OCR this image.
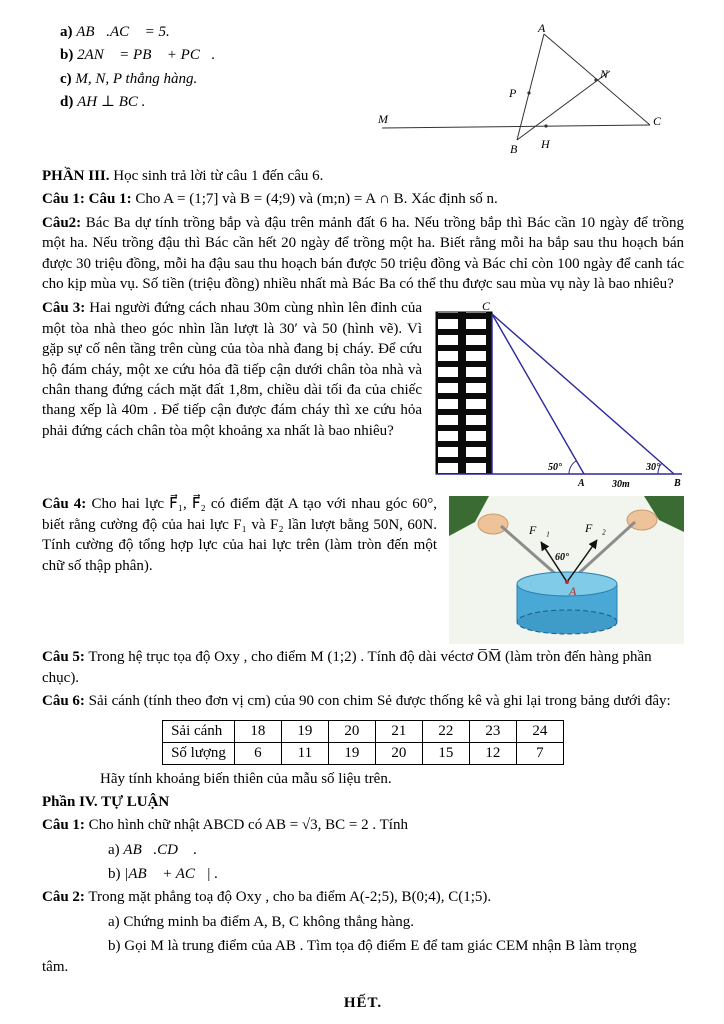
a) AB⃗.AC⃗ = 5.

b) 2AN⃗ = PB⃗ + PC⃗.

c) M, N, P thẳng hàng.

d) AH ⊥ BC .

A
N
P
M
B H
C

PHẦN III. Học sinh trả lời từ câu 1 đến câu 6.

Câu 1: Câu 1: Cho A = (1;7] và B = (4;9) và (m;n) = A ∩ B. Xác định số n.

Câu2: Bác Ba dự tính trồng bắp và đậu trên mảnh đất 6 ha. Nếu trồng bắp thì Bác cần 10 ngày để trồng một ha. Nếu trồng đậu thì Bác cần hết 20 ngày để trồng một ha. Biết rằng mỗi ha bắp sau thu hoạch bán được 30 triệu đồng, mỗi ha đậu sau thu hoạch bán được 50 triệu đồng và Bác chỉ còn 100 ngày để canh tác cho kịp mùa vụ. Số tiền (triệu đồng) nhiều nhất mà Bác Ba có thể thu được sau mùa vụ này là bao nhiêu?

C
50°	30°
A	B
30m

Câu 3: Hai người đứng cách nhau 30m cùng nhìn lên đỉnh của một tòa nhà theo góc nhìn lần lượt là 30′ và 50 (hình vẽ). Vì gặp sự cố nên tầng trên cùng của tòa nhà đang bị cháy. Để cứu hộ đám cháy, một xe cứu hỏa đã tiếp cận dưới chân tòa nhà và chân thang đứng cách mặt đất 1,8m, chiều dài tối đa của chiếc thang xếp là 40m . Để tiếp cận được đám cháy thì xe cứu hỏa phải đứng cách chân tòa một khoảng xa nhất là bao nhiêu?

F⃗₁	F⃗₂
60°
A

Câu 4: Cho hai lực F⃗₁, F⃗₂ có điểm đặt A tạo với nhau góc 60°, biết rằng cường độ của hai lực F₁ và F₂ lần lượt bằng 50N, 60N. Tính cường độ tổng hợp lực của hai lực trên (làm tròn đến một chữ số thập phân).

Câu 5: Trong hệ trục tọa độ Oxy , cho điểm M (1;2) . Tính độ dài véctơ O̅M̅ (làm tròn đến hàng phần chục).

Câu 6: Sải cánh (tính theo đơn vị cm) của 90 con chim Sẻ được thống kê và ghi lại trong bảng dưới đây:

Sải cánh	18	19	20	21	22	23	24
Số lượng	6	11	19	20	15	12	7

Hãy tính khoảng biến thiên của mẫu số liệu trên.

Phần IV. TỰ LUẬN

Câu 1: Cho hình chữ nhật ABCD có AB = √3, BC = 2 . Tính

a) AB⃗.CD⃗ .

b) |AB⃗ + AC⃗| .

Câu 2: Trong mặt phẳng toạ độ Oxy , cho ba điểm A(-2;5), B(0;4), C(1;5).

a) Chứng minh ba điểm A, B, C không thẳng hàng.

b) Gọi M là trung điểm của AB . Tìm tọa độ điểm E để tam giác CEM nhận B làm trọng

tâm.

HẾT.
